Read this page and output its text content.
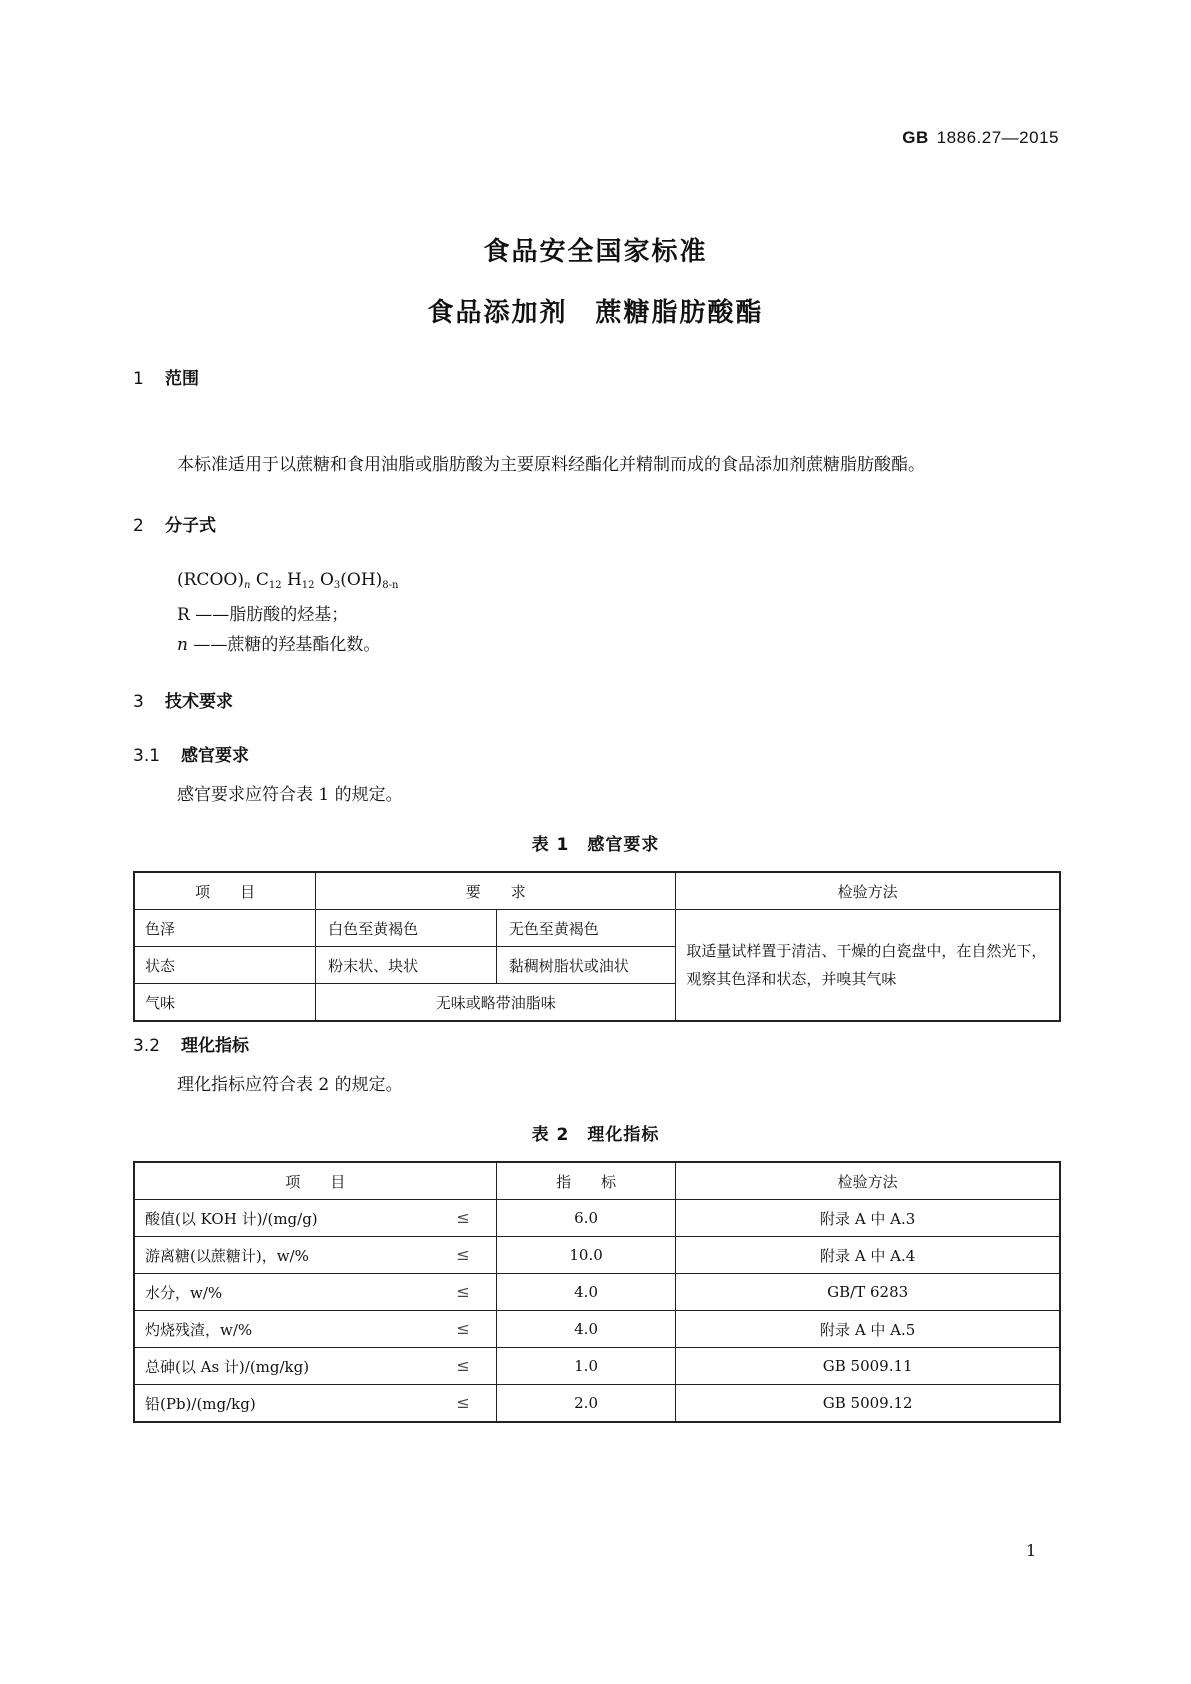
GB 1886.27—2015
食品安全国家标准
食品添加剂　蔗糖脂肪酸酯
1 范围
本标准适用于以蔗糖和食用油脂或脂肪酸为主要原料经酯化并精制而成的食品添加剂蔗糖脂肪酸酯。
2 分子式
$(RCOO)_n$ $C_{12}$ $H_{12}$ $O_3(OH)_{8-n}$
R ——脂肪酸的烃基；
n ——蔗糖的羟基酯化数。
3 技术要求
3.1 感官要求
感官要求应符合表 1 的规定。
表 1　感官要求
项　　目	要　　求		检验方法
色泽	白色至黄褐色	无色至黄褐色	取适量试样置于清洁、干燥的白瓷盘中，在自然光下，观察其色泽和状态，并嗅其气味
状态	粉末状、块状	黏稠树脂状或油状	
气味	无味或略带油脂味		
3.2 理化指标
理化指标应符合表 2 的规定。
表 2　理化指标
项　　目	指　　标	检验方法
酸值(以 KOH 计)/(mg/g) ≤	6.0	附录 A 中 A.3
游离糖(以蔗糖计)，w/% ≤	10.0	附录 A 中 A.4
水分，w/% ≤	4.0	GB/T 6283
灼烧残渣，w/% ≤	4.0	附录 A 中 A.5
总砷(以 As 计)/(mg/kg) ≤	1.0	GB 5009.11
铅(Pb)/(mg/kg) ≤	2.0	GB 5009.12
1
